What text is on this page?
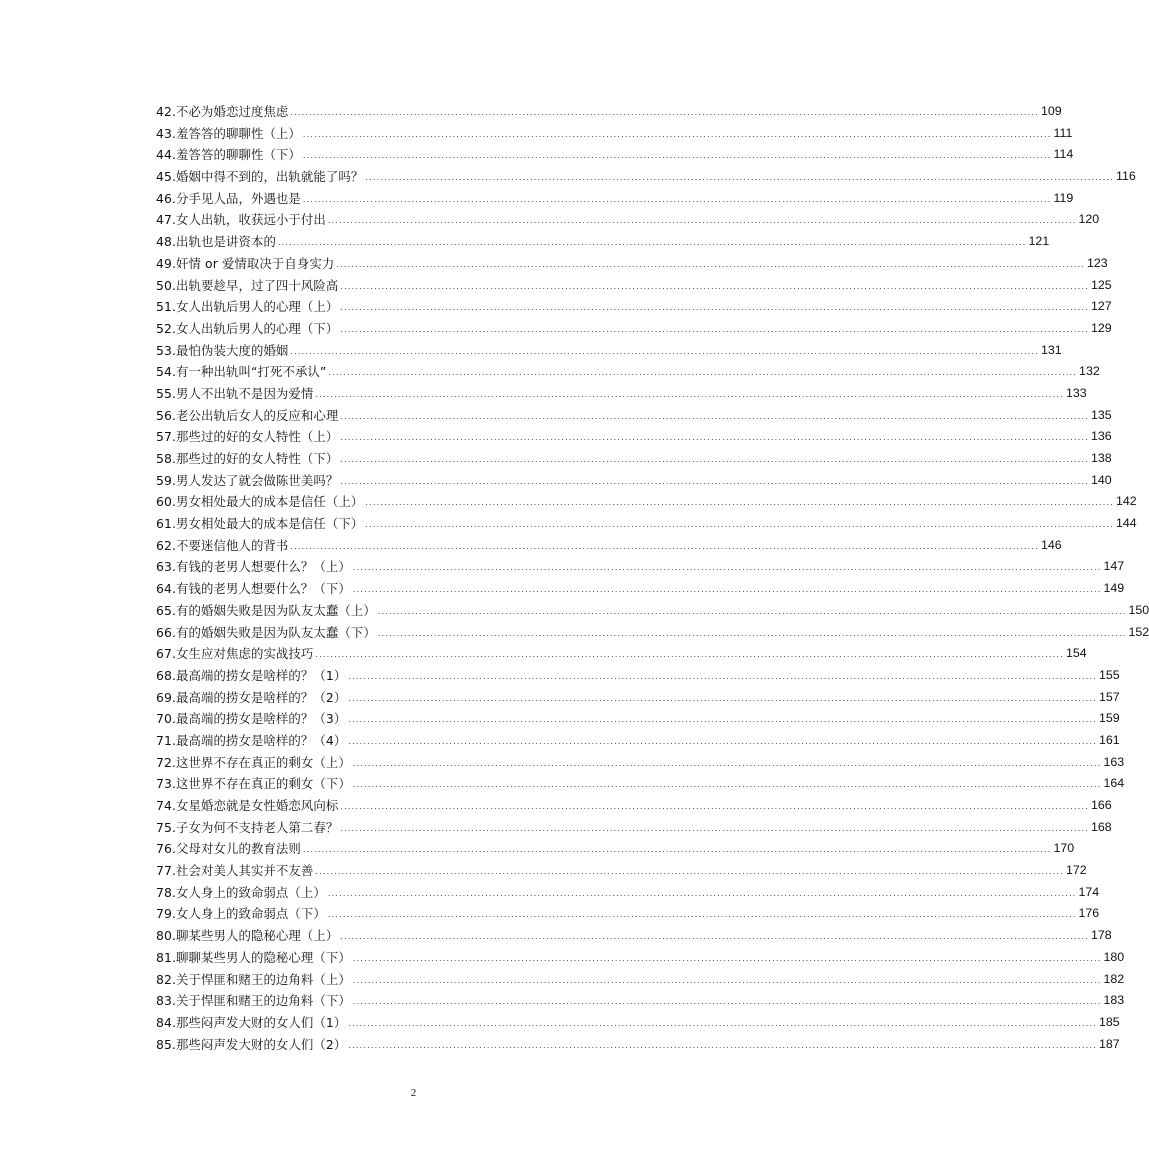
42.不必为婚恋过度焦虑 ........................................................................................................................................................................................................ 109
43.羞答答的聊聊性（上） ........................................................................................................................................................................................................ 111
44.羞答答的聊聊性（下） ........................................................................................................................................................................................................ 114
45.婚姻中得不到的，出轨就能了吗？ ........................................................................................................................................................................................................ 116
46.分手见人品，外遇也是 ........................................................................................................................................................................................................ 119
47.女人出轨，收获远小于付出 ........................................................................................................................................................................................................ 120
48.出轨也是讲资本的 ........................................................................................................................................................................................................ 121
49.奸情 or 爱情取决于自身实力 ........................................................................................................................................................................................................ 123
50.出轨要趁早，过了四十风险高 ........................................................................................................................................................................................................ 125
51.女人出轨后男人的心理（上） ........................................................................................................................................................................................................ 127
52.女人出轨后男人的心理（下） ........................................................................................................................................................................................................ 129
53.最怕伪装大度的婚姻 ........................................................................................................................................................................................................ 131
54.有一种出轨叫“打死不承认” ........................................................................................................................................................................................................ 132
55.男人不出轨不是因为爱情 ........................................................................................................................................................................................................ 133
56.老公出轨后女人的反应和心理 ........................................................................................................................................................................................................ 135
57.那些过的好的女人特性（上） ........................................................................................................................................................................................................ 136
58.那些过的好的女人特性（下） ........................................................................................................................................................................................................ 138
59.男人发达了就会做陈世美吗？ ........................................................................................................................................................................................................ 140
60.男女相处最大的成本是信任（上） ........................................................................................................................................................................................................ 142
61.男女相处最大的成本是信任（下） ........................................................................................................................................................................................................ 144
62.不要迷信他人的背书 ........................................................................................................................................................................................................ 146
63.有钱的老男人想要什么？（上） ........................................................................................................................................................................................................ 147
64.有钱的老男人想要什么？（下） ........................................................................................................................................................................................................ 149
65.有的婚姻失败是因为队友太蠢（上） ........................................................................................................................................................................................................ 150
66.有的婚姻失败是因为队友太蠢（下） ........................................................................................................................................................................................................ 152
67.女生应对焦虑的实战技巧 ........................................................................................................................................................................................................ 154
68.最高端的捞女是啥样的？（1） ........................................................................................................................................................................................................ 155
69.最高端的捞女是啥样的？（2） ........................................................................................................................................................................................................ 157
70.最高端的捞女是啥样的？（3） ........................................................................................................................................................................................................ 159
71.最高端的捞女是啥样的？（4） ........................................................................................................................................................................................................ 161
72.这世界不存在真正的剩女（上） ........................................................................................................................................................................................................ 163
73.这世界不存在真正的剩女（下） ........................................................................................................................................................................................................ 164
74.女星婚恋就是女性婚恋风向标 ........................................................................................................................................................................................................ 166
75.子女为何不支持老人第二春？ ........................................................................................................................................................................................................ 168
76.父母对女儿的教育法则 ........................................................................................................................................................................................................ 170
77.社会对美人其实并不友善 ........................................................................................................................................................................................................ 172
78.女人身上的致命弱点（上） ........................................................................................................................................................................................................ 174
79.女人身上的致命弱点（下） ........................................................................................................................................................................................................ 176
80.聊某些男人的隐秘心理（上） ........................................................................................................................................................................................................ 178
81.聊聊某些男人的隐秘心理（下） ........................................................................................................................................................................................................ 180
82.关于悍匪和赌王的边角料（上） ........................................................................................................................................................................................................ 182
83.关于悍匪和赌王的边角料（下） ........................................................................................................................................................................................................ 183
84.那些闷声发大财的女人们（1） ........................................................................................................................................................................................................ 185
85.那些闷声发大财的女人们（2） ........................................................................................................................................................................................................ 187
2
